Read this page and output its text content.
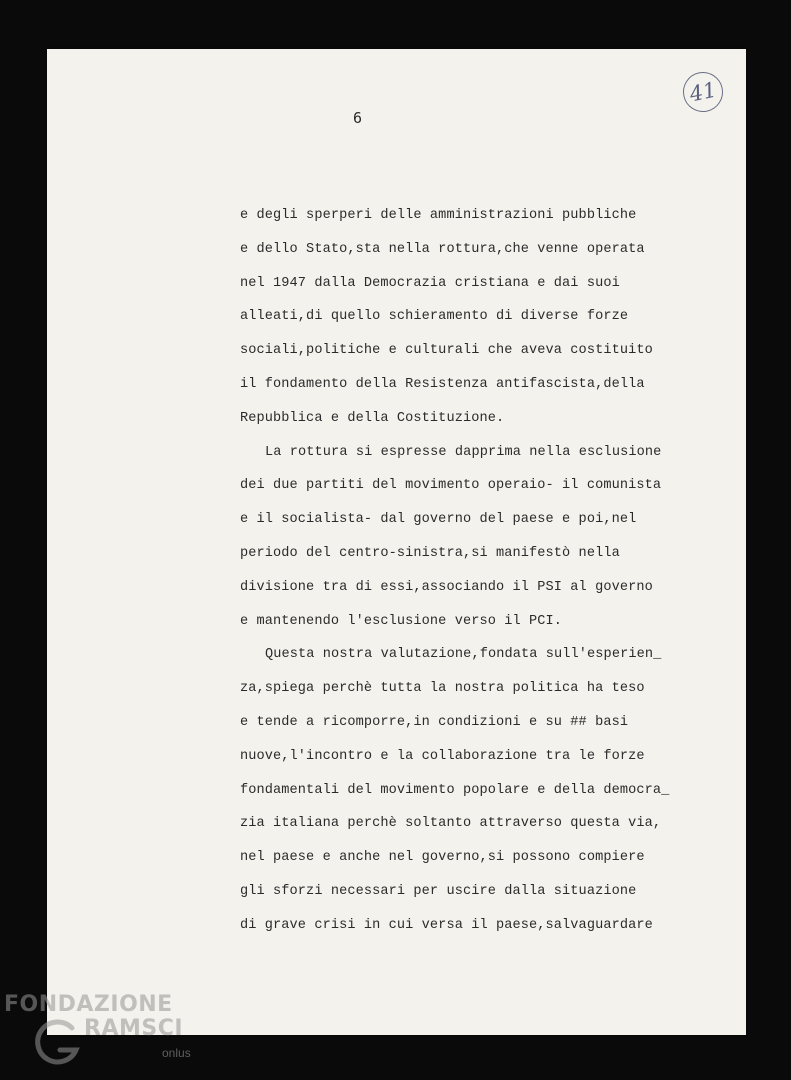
6
41
e degli sperperi delle amministrazioni pubbliche
e dello Stato,sta nella rottura,che venne operata
nel 1947 dalla Democrazia cristiana e dai suoi
alleati,di quello schieramento di diverse forze
sociali,politiche e culturali che aveva costituito
il fondamento della Resistenza antifascista,della
Repubblica e della Costituzione.
La rottura si espresse dapprima nella esclusione
dei due partiti del movimento operaio- il comunista
e il socialista- dal governo del paese e poi,nel
periodo del centro-sinistra,si manifestò nella
divisione tra di essi,associando il PSI al governo
e mantenendo l'esclusione verso il PCI.
Questa nostra valutazione,fondata sull'esperien_
za,spiega perchè tutta la nostra politica ha teso
e tende a ricomporre,in condizioni e su ## basi
nuove,l'incontro e la collaborazione tra le forze
fondamentali del movimento popolare e della democra_
zia italiana perchè soltanto attraverso questa via,
nel paese e anche nel governo,si possono compiere
gli sforzi necessari per uscire dalla situazione
di grave crisi in cui versa il paese,salvaguardare
FONDAZIONE
RAMSCI
onlus
